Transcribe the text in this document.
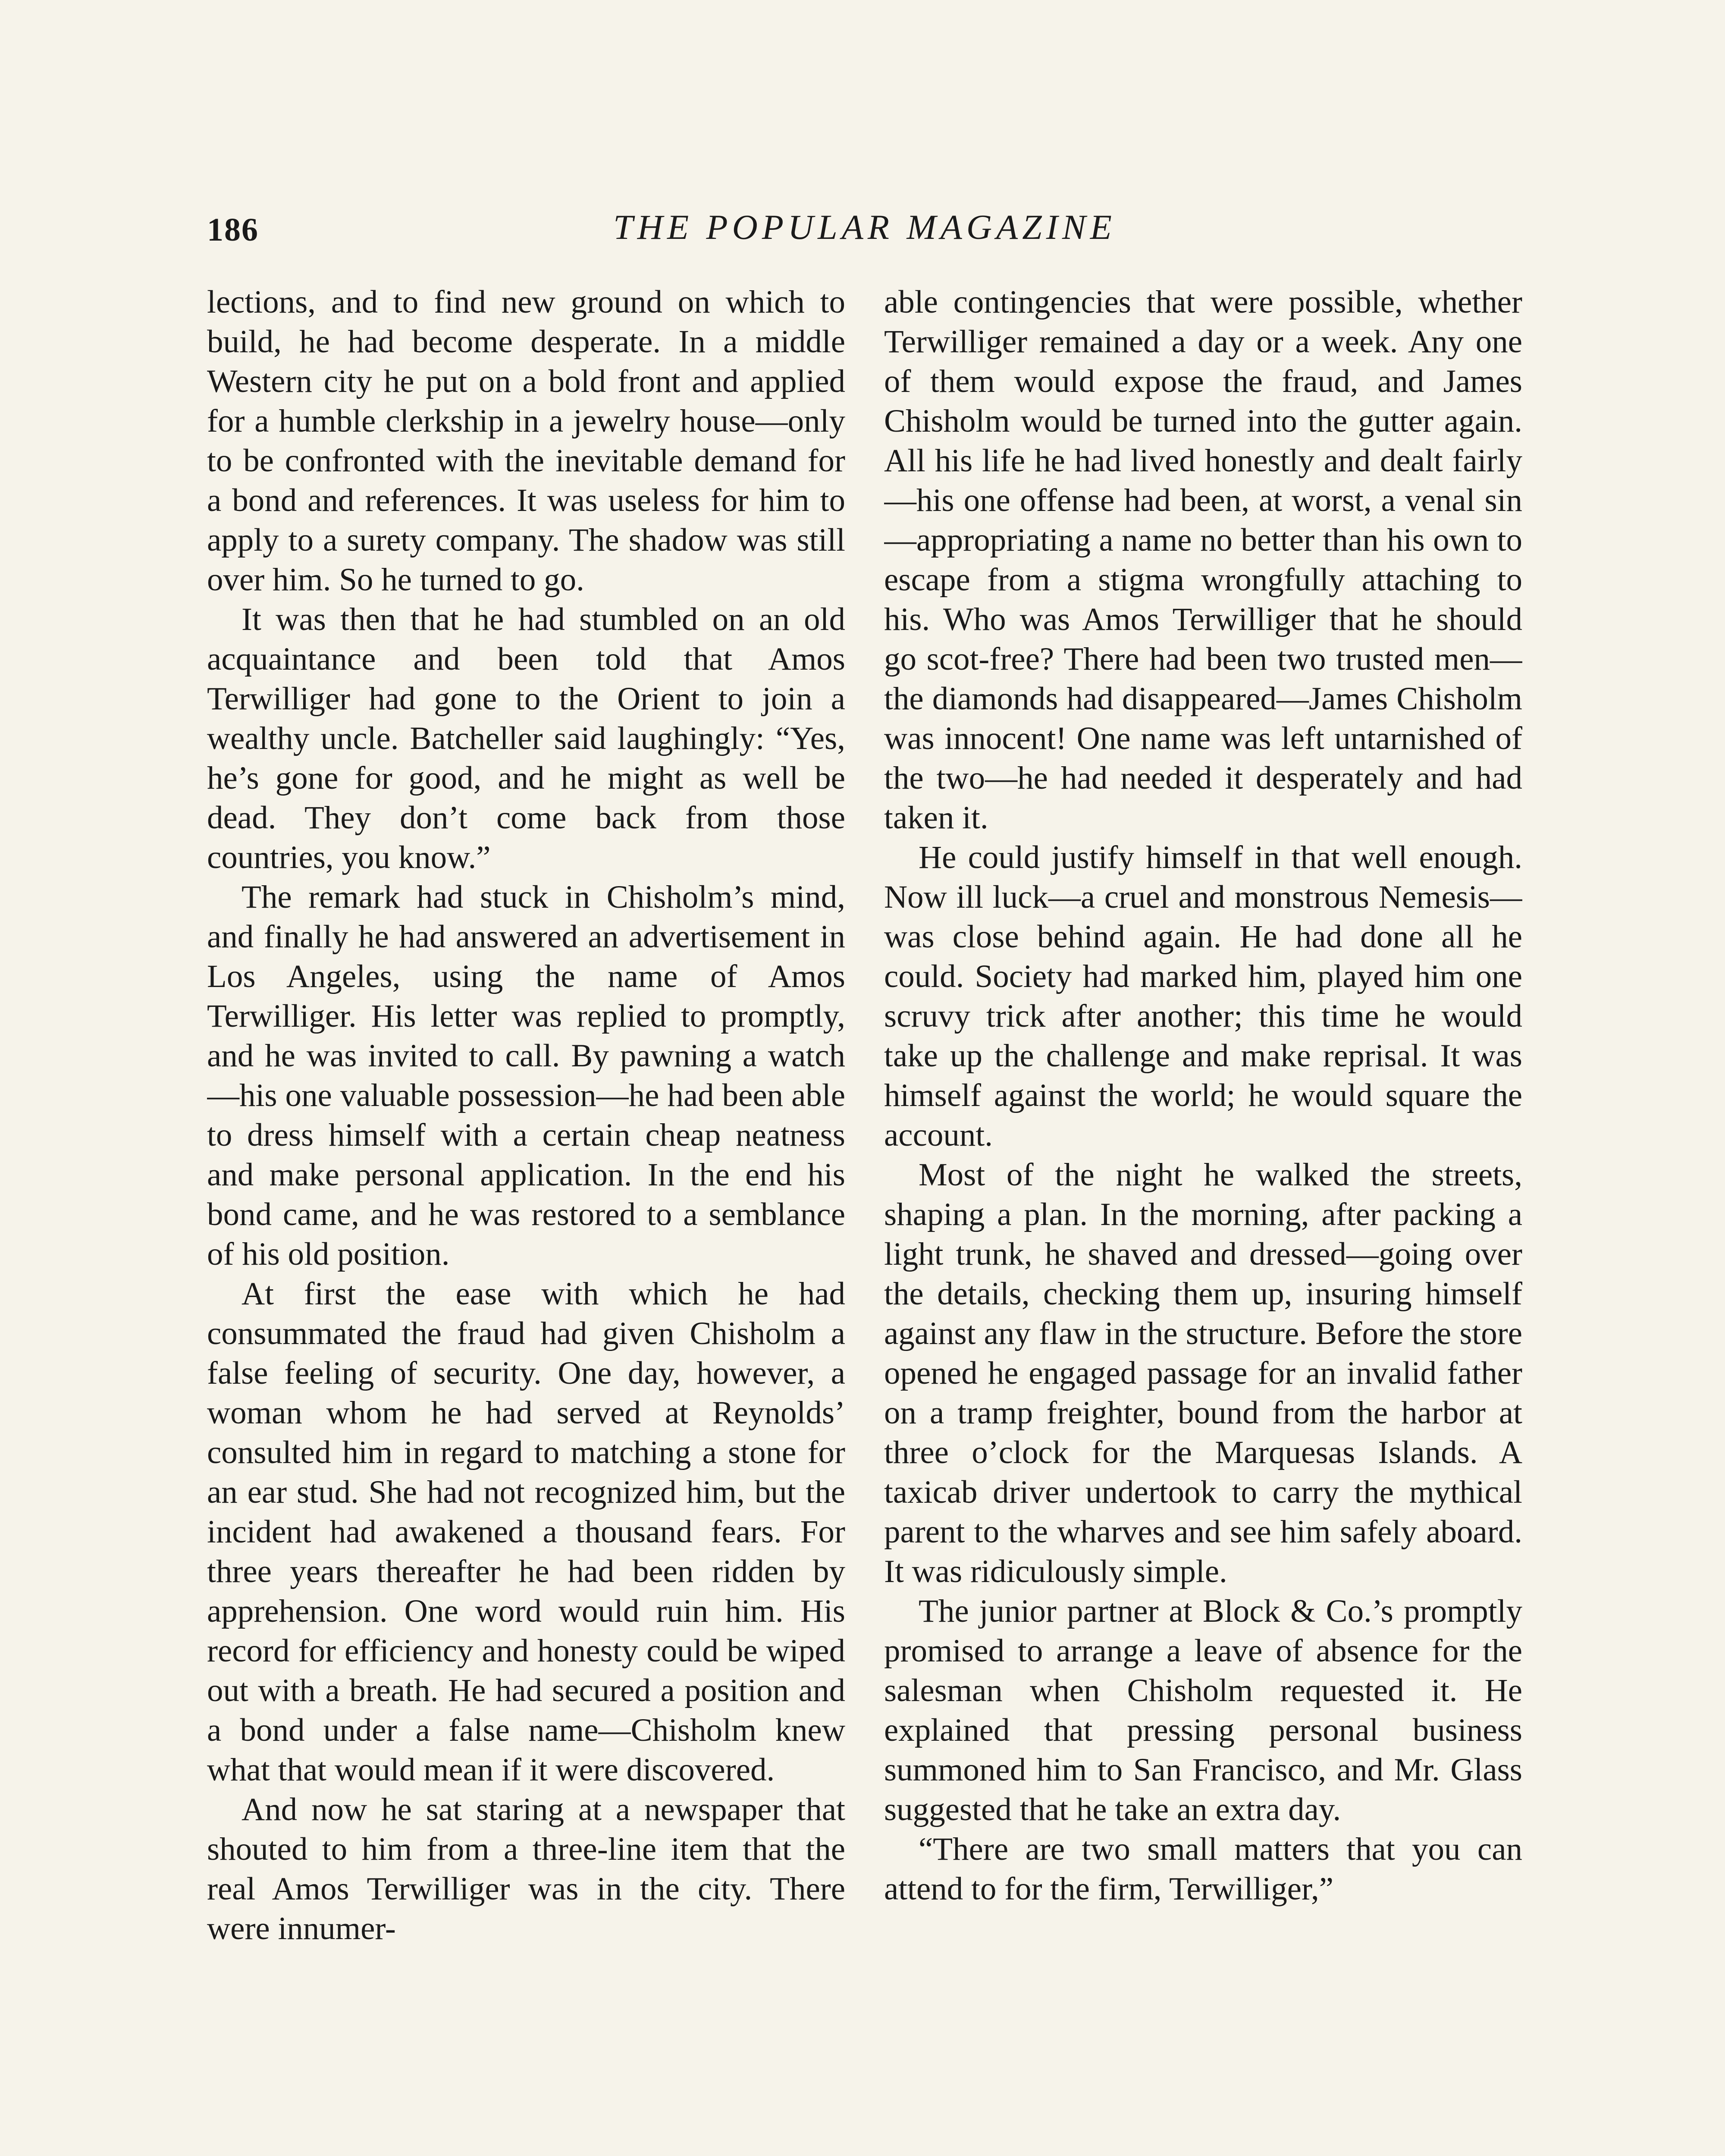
186	THE POPULAR MAGAZINE

lections, and to find new ground on which to build, he had become desperate. In a middle Western city he put on a bold front and applied for a humble clerkship in a jewelry house—only to be confronted with the inevitable demand for a bond and references. It was useless for him to apply to a surety company. The shadow was still over him. So he turned to go.

It was then that he had stumbled on an old acquaintance and been told that Amos Terwilliger had gone to the Orient to join a wealthy uncle. Batcheller said laughingly: “Yes, he’s gone for good, and he might as well be dead. They don’t come back from those countries, you know.”

The remark had stuck in Chisholm’s mind, and finally he had answered an advertisement in Los Angeles, using the name of Amos Terwilliger. His letter was replied to promptly, and he was invited to call. By pawning a watch—his one valuable possession—he had been able to dress himself with a certain cheap neatness and make personal application. In the end his bond came, and he was restored to a semblance of his old position.

At first the ease with which he had consummated the fraud had given Chisholm a false feeling of security. One day, however, a woman whom he had served at Reynolds’ consulted him in regard to matching a stone for an ear stud. She had not recognized him, but the incident had awakened a thousand fears. For three years thereafter he had been ridden by apprehension. One word would ruin him. His record for efficiency and honesty could be wiped out with a breath. He had secured a position and a bond under a false name—Chisholm knew what that would mean if it were discovered.

And now he sat staring at a newspaper that shouted to him from a three-line item that the real Amos Terwilliger was in the city. There were innumer-

able contingencies that were possible, whether Terwilliger remained a day or a week. Any one of them would expose the fraud, and James Chisholm would be turned into the gutter again. All his life he had lived honestly and dealt fairly—his one offense had been, at worst, a venal sin—appropriating a name no better than his own to escape from a stigma wrongfully attaching to his. Who was Amos Terwilliger that he should go scot-free? There had been two trusted men—the diamonds had disappeared—James Chisholm was innocent! One name was left untarnished of the two—he had needed it desperately and had taken it.

He could justify himself in that well enough. Now ill luck—a cruel and monstrous Nemesis—was close behind again. He had done all he could. Society had marked him, played him one scruvy trick after another; this time he would take up the challenge and make reprisal. It was himself against the world; he would square the account.

Most of the night he walked the streets, shaping a plan. In the morning, after packing a light trunk, he shaved and dressed—going over the details, checking them up, insuring himself against any flaw in the structure. Before the store opened he engaged passage for an invalid father on a tramp freighter, bound from the harbor at three o’clock for the Marquesas Islands. A taxicab driver undertook to carry the mythical parent to the wharves and see him safely aboard. It was ridiculously simple.

The junior partner at Block & Co.’s promptly promised to arrange a leave of absence for the salesman when Chisholm requested it. He explained that pressing personal business summoned him to San Francisco, and Mr. Glass suggested that he take an extra day.

“There are two small matters that you can attend to for the firm, Terwilliger,”
